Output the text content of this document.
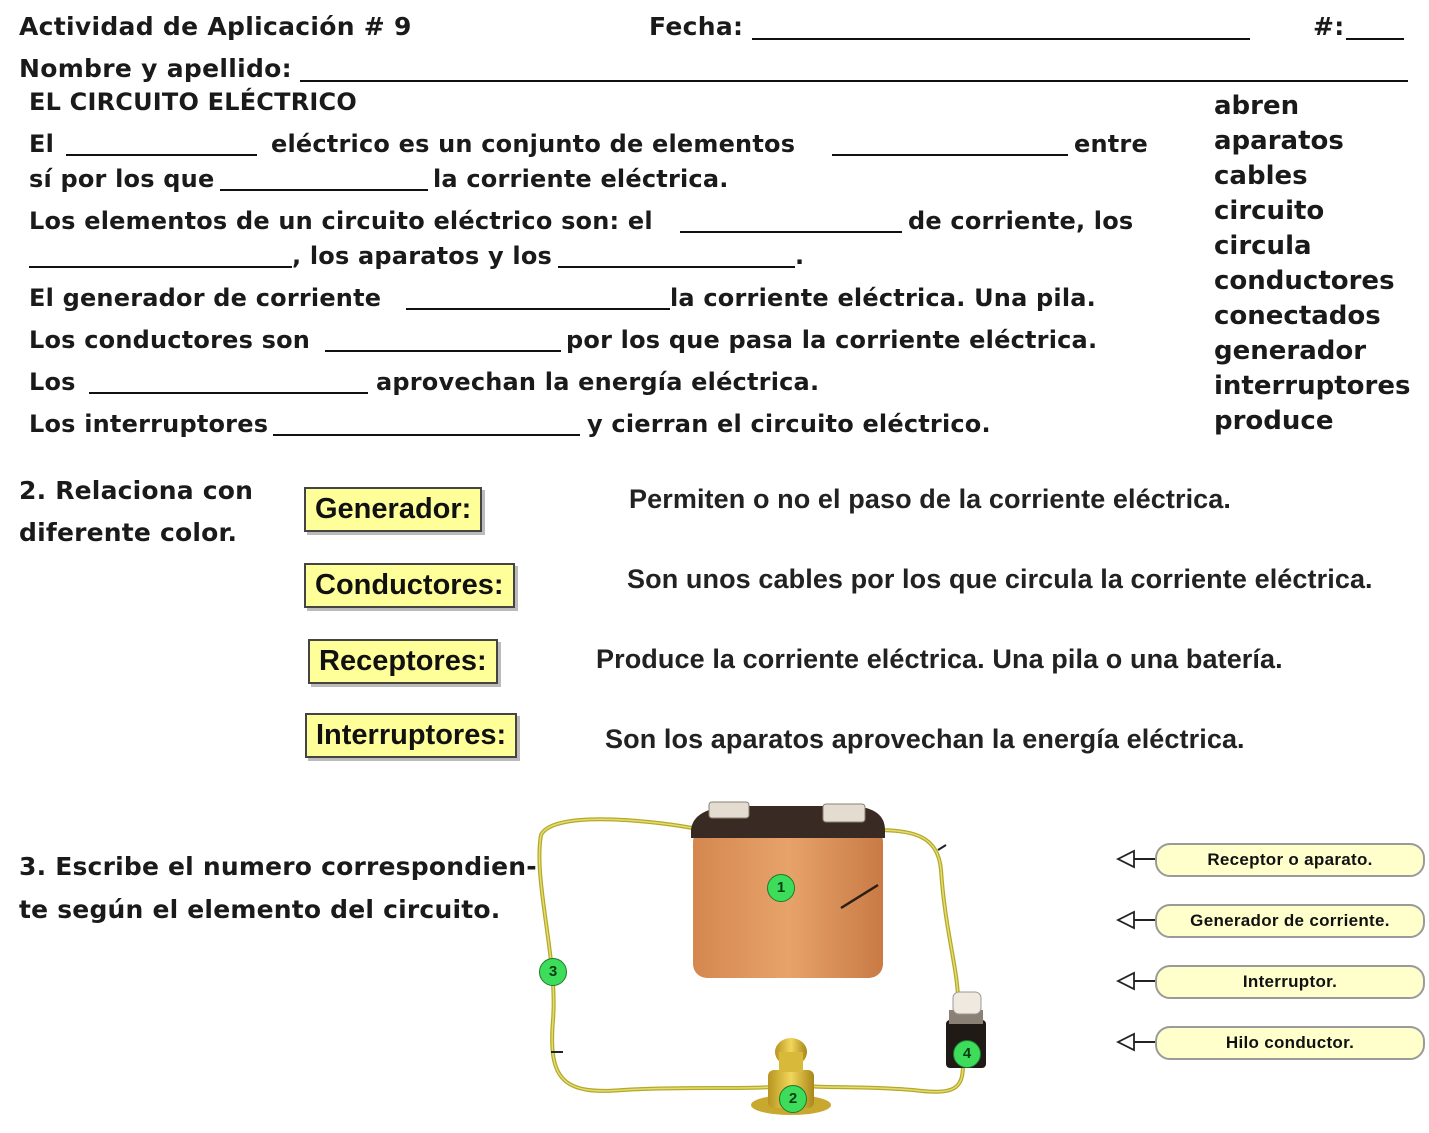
Actividad de Aplicación # 9	Fecha:	#:
Nombre y apellido:
EL CIRCUITO ELÉCTRICO
El	eléctrico es un conjunto de elementos	entre
sí por los que	la corriente eléctrica.
Los elementos de un circuito eléctrico son: el	de corriente, los
, los aparatos y los	.
El generador de corriente	la corriente eléctrica. Una pila.
Los conductores son	por los que pasa la corriente eléctrica.
Los	aprovechan la energía eléctrica.
Los interruptores	y cierran el circuito eléctrico.
abren
aparatos
cables
circuito
circula
conductores
conectados
generador
interruptores
produce
2. Relaciona con
diferente color.
Generador:
Conductores:
Receptores:
Interruptores:
Permiten o no el paso de la corriente eléctrica.
Son unos cables por los que circula la corriente eléctrica.
Produce la corriente eléctrica. Una pila o una batería.
Son los aparatos aprovechan la energía eléctrica.
3. Escribe el numero correspondien-
te según el elemento del circuito.
1
2
3
4
Receptor o aparato.
Generador de corriente.
Interruptor.
Hilo conductor.
